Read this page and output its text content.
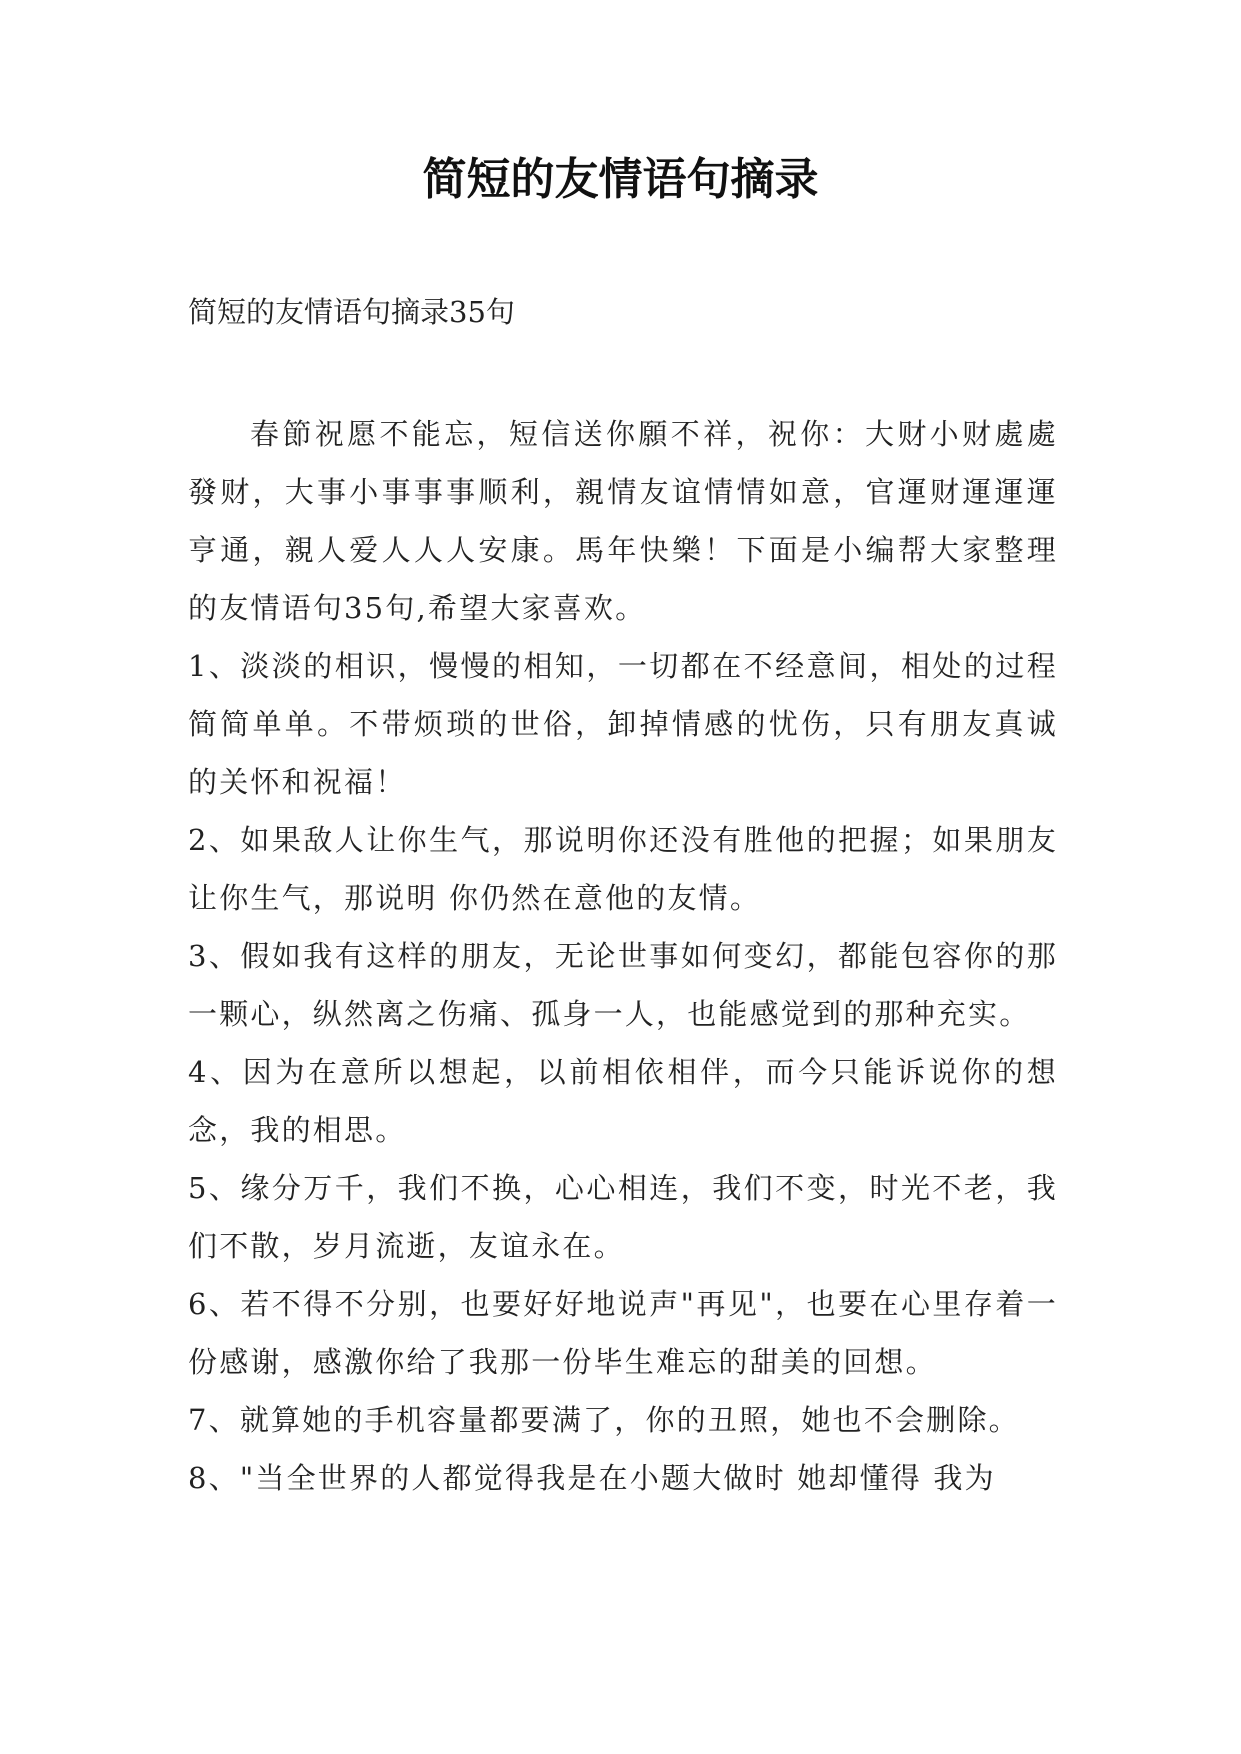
简短的友情语句摘录

简短的友情语句摘录35句

春節祝愿不能忘，短信送你願不祥，祝你：大财小财處處發财，大事小事事事顺利，親情友谊情情如意，官運财運運運亨通，親人爱人人人安康。馬年快樂！下面是小编帮大家整理的友情语句35句,希望大家喜欢。

1、淡淡的相识，慢慢的相知，一切都在不经意间，相处的过程简简单单。不带烦琐的世俗，卸掉情感的忧伤，只有朋友真诚的关怀和祝福！

2、如果敌人让你生气，那说明你还没有胜他的把握；如果朋友让你生气，那说明 你仍然在意他的友情。

3、假如我有这样的朋友，无论世事如何变幻，都能包容你的那一颗心，纵然离之伤痛、孤身一人，也能感觉到的那种充实。

4、因为在意所以想起，以前相依相伴，而今只能诉说你的想念，我的相思。

5、缘分万千，我们不换，心心相连，我们不变，时光不老，我们不散，岁月流逝，友谊永在。

6、若不得不分别，也要好好地说声"再见"，也要在心里存着一份感谢，感激你给了我那一份毕生难忘的甜美的回想。

7、就算她的手机容量都要满了，你的丑照，她也不会删除。

8、"当全世界的人都觉得我是在小题大做时 她却懂得 我为
